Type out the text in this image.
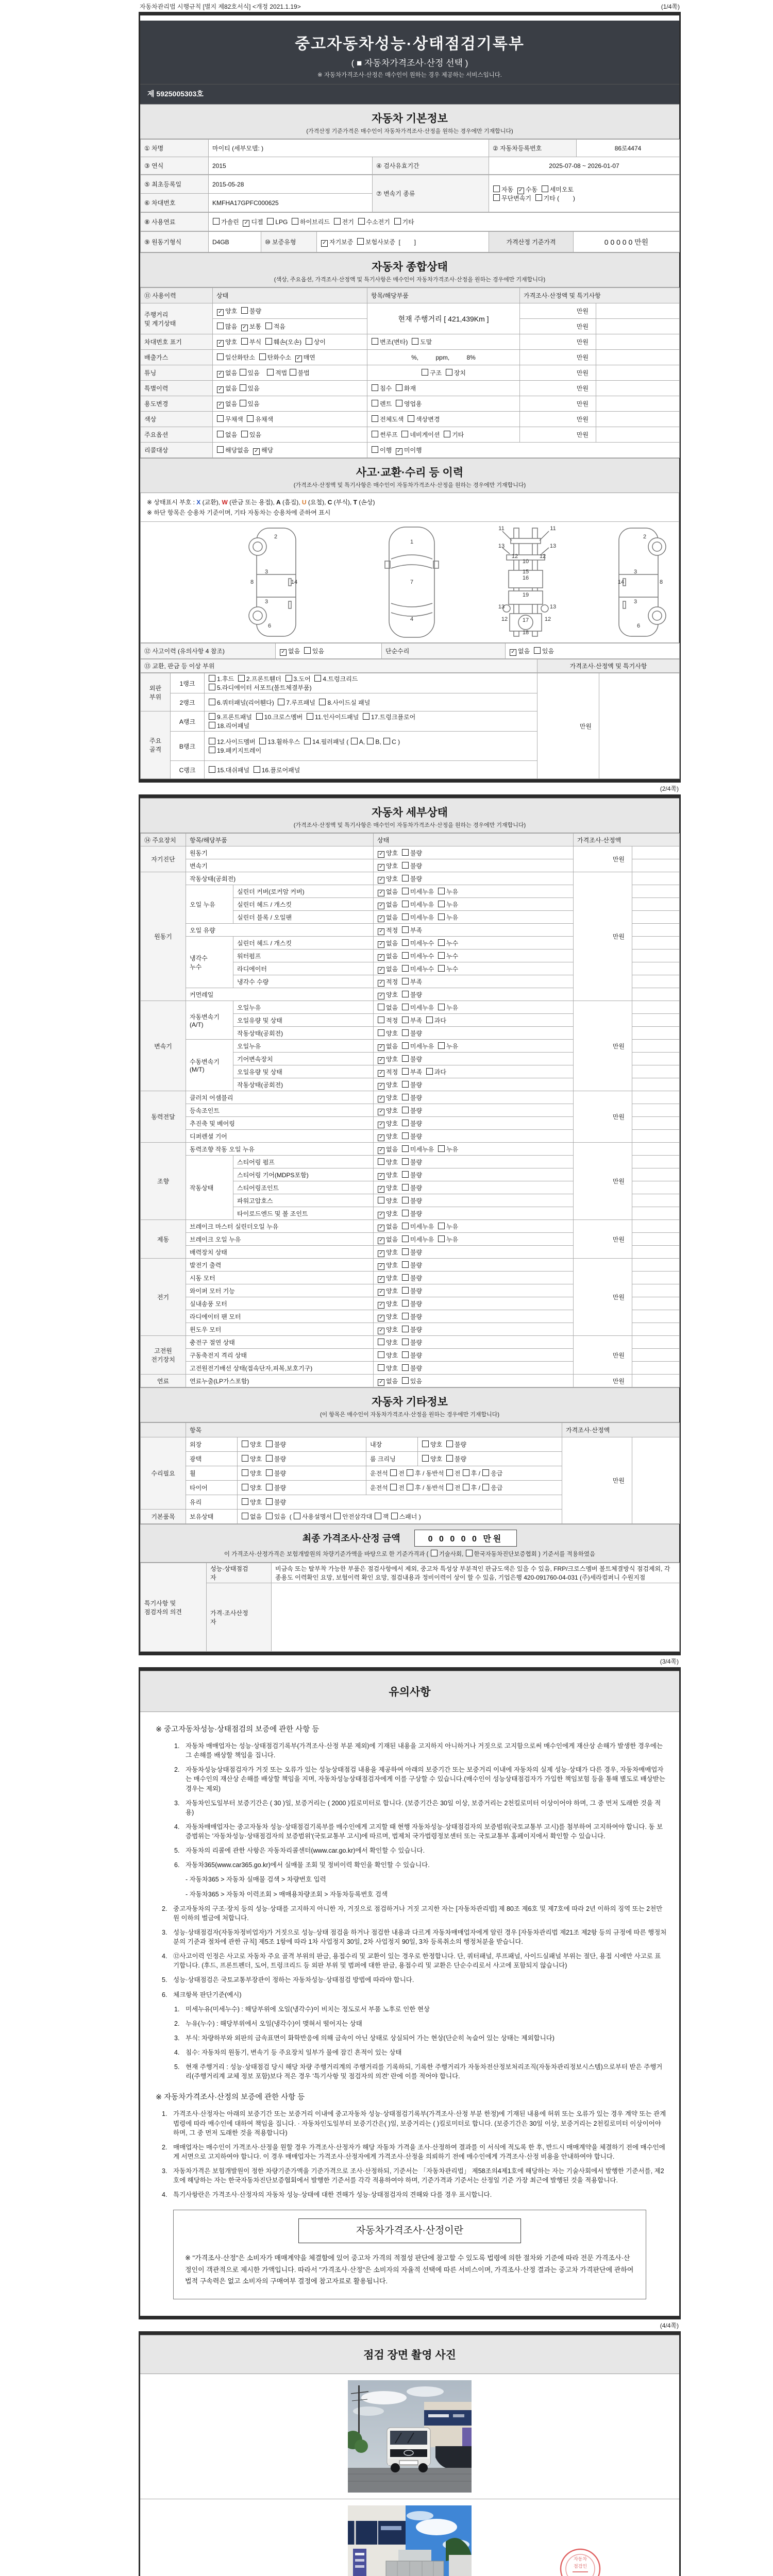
자동차관리법 시행규칙 [별지 제82호서식] <개정 2021.1.19>	(1/4쪽)
중고자동차성능·상태점검기록부
( ■ 자동차가격조사·산정 선택 )
※ 자동차가격조사·산정은 매수인이 원하는 경우 제공하는 서비스입니다.
제 5925005303호
자동차 기본정보

(가격산정 기준가격은 매수인이 자동차가격조사·산정을 원하는 경우에만 기재합니다)

① 차명	마이티 (세부모델: )		② 자동차등록번호	86로4474
③ 연식	2015	④ 검사유효기간	2025-07-08 ~ 2026-01-07	
⑤ 최초등록일	2015-05-28	⑦ 변속기 종류	자동  ✓ 수동  세미오토
무단변속기  기타 (        )
⑥ 차대번호	KMFHA17GPFC000625		
⑧ 사용연료	가솔린  ✓ 디젤  LPG  하이브리드  전기  수소전기  기타
⑨ 원동기형식	D4GB	⑩ 보증유형	✓ 자기보증  보험사보증  [        ]	가격산정 기준가격	0 0 0 0 0 만원
자동차 종합상태

(색상, 주요옵션, 가격조사·산정액 및 특기사항은 매수인이 자동차가격조사·산정을 원하는 경우에만 기재합니다)

⑪ 사용이력	상태	항목/해당부품	가격조사·산정액 및 특기사항	
주행거리
및 계기상태	✓ 양호  불량	현재 주행거리 [ 421,439Km ]	만원	
	많음  ✓ 보통  적음		만원	
차대번호 표기	✓ 양호  부식  훼손(오손)  상이	변조(변타)  도말	만원	
배출가스	일산화탄소  탄화수소  ✓ 매연	%,          ppm,          8%	만원	
튜닝	✓ 없음 있음    적법 불법	구조  장치	만원	
특별이력	✓ 없음 있음	침수  화재	만원	
용도변경	✓ 없음 있음	렌트  영업용	만원	
색상	무채색  유채색	전체도색  색상변경	만원	
주요옵션	없음  있음	썬루프  네비게이션  기타	만원	
리콜대상	해당없음  ✓ 해당	이행  ✓ 미이행		
사고·교환·수리 등 이력

(가격조사·산정액 및 특기사항은 매수인이 자동차가격조사·산정을 원하는 경우에만 기재합니다)

※ 상태표시 부호 : X (교환), W (판금 또는 용접), A (흠집), U (요철), C (부식), T (손상)
※ 하단 항목은 승용차 기준이며, 기타 자동차는 승용차에 준하여 표시
2
8
3
14
3
6
1
7
4
11	11
13	13
12	12
10
15
16
19
13	13
12	17	12
18
2
3
8
14
3
6
⑫ 사고이력 (유의사항 4 참조)	✓ 없음  있음	단순수리	✓ 없음  있음
⑬ 교환, 판금 등 이상 부위	가격조사·산정액 및 특기사항
외판
부위	1랭크	1.후드  2.프론트휀더  3.도어  4.트렁크리드
5.라디에이터 서포트(볼트체결부품)	만원	
	2랭크	6.쿼터패널(리어휀다)  7.루프패널  8.사이드실 패널		
주요
골격	A랭크	9.프론트패널  10.크로스멤버  11.인사이드패널  17.트렁크플로어
18.리어패널		
	B랭크	12.사이드멤버  13.휠하우스  14.필러패널 ( A, B, C )
19.패키지트레이		
	C랭크	15.대쉬패널  16.플로어패널		
(2/4쪽)
자동차 세부상태

(가격조사·산정액 및 특기사항은 매수인이 자동차가격조사·산정을 원하는 경우에만 기재합니다)

⑭ 주요장치	항목/해당부품		상태	가격조사·산정액	
자기진단	원동기		✓ 양호  불량	만원	
	변속기		✓ 양호  불량		
원동기	작동상태(공회전)		✓ 양호  불량	만원	
	오일 누유	실린더 커버(로커암 커버)	✓ 없음  미세누유  누유		
		실린더 헤드 / 개스킷	✓ 없음  미세누유  누유		
		실린더 블록 / 오일팬	✓ 없음  미세누유  누유		
	오일 유량		✓ 적정  부족		
	냉각수
누수	실린더 헤드 / 개스킷	✓ 없음  미세누수  누수		
		워터펌프	✓ 없음  미세누수  누수		
		라디에이터	✓ 없음  미세누수  누수		
		냉각수 수량	✓ 적정  부족		
	커먼레일		✓ 양호  불량		
변속기	자동변속기
(A/T)	오일누유	없음  미세누유  누유	만원	
		오일유량 및 상태	적정  부족  과다		
		작동상태(공회전)	양호  불량		
	수동변속기
(M/T)	오일누유	✓ 없음  미세누유  누유		
		기어변속장치	✓ 양호  불량		
		오일유량 및 상태	✓ 적정  부족  과다		
		작동상태(공회전)	✓ 양호  불량		
동력전달	클러치 어셈블리		✓ 양호  불량	만원	
	등속조인트		✓ 양호  불량		
	추진축 및 베어링		✓ 양호  불량		
	디퍼렌셜 기어		✓ 양호  불량		
조향	동력조향 작동 오일 누유		✓ 없음  미세누유  누유	만원	
	작동상태	스티어링 펌프	양호  불량		
		스티어링 기어(MDPS포함)	✓ 양호  불량		
		스티어링조인트	✓ 양호  불량		
		파워고압호스	양호  불량		
		타이로드엔드 및 볼 조인트	✓ 양호  불량		
제동	브레이크 마스터 실린더오일 누유		✓ 없음  미세누유  누유	만원	
	브레이크 오일 누유		✓ 없음  미세누유  누유		
	배력장치 상태		✓ 양호  불량		
전기	발전기 출력		✓ 양호  불량	만원	
	시동 모터		✓ 양호  불량		
	와이퍼 모터 기능		✓ 양호  불량		
	실내송풍 모터		✓ 양호  불량		
	라디에이터 팬 모터		✓ 양호  불량		
	윈도우 모터		✓ 양호  불량		
고전원
전기장치	충전구 절연 상태		양호  불량	만원	
	구동축전지 격리 상태		양호  불량		
	고전원전기배선 상태(접속단자,피복,보호기구)		양호  불량		
연료	연료누출(LP가스포함)		✓ 없음  있음	만원	
자동차 기타정보

(이 항목은 매수인이 자동차가격조사·산정을 원하는 경우에만 기재합니다)

	항목				가격조사·산정액	
수리필요	외장	양호  불량	내장	양호  불량	만원	
	광택	양호  불량	룸 크리닝	양호  불량		
	휠	양호  불량	운전석 전 후 / 동반석 전 후 / 응급			
	타이어	양호  불량	운전석 전 후 / 동반석 전 후 / 응급			
	유리	양호  불량				
기본품목	보유상태	없음  있음  ( 사용설명서 안전삼각대 잭 스패너 )				
최종 가격조사·산정 금액	0 0 0 0 0 만원

이 가격조사·산정가격은 보험개발원의 차량기준가액을 바탕으로 한 기준가격과 ( 기술사회, 한국자동차진단보증협회 ) 기준서를 적용하였음

특기사항 및
점검자의 의견	성능·상태점검
자	비금속 또는 탈부착 가능한 부품은 점검사항에서 제외, 중고차 특성상 부분적인 판금도색은 있을 수 있음, FRP/크로스멤버 볼트체결방식 점검제외, 각종용도 이력확인 요망, 보험이력 확인 요망, 점검내용과 정비이력이 상이 할 수 있음, 기업은행 420-091760-04-031 (주)세라컴퍼니 수원지점
	가격·조사산정
자	
(3/4쪽)
유의사항
※ 중고자동차성능·상태점검의 보증에 관한 사항 등
1. 자동차 매매업자는 성능·상태점검기록부(가격조사·산정 부분 제외)에 기재된 내용을 고지하지 아니하거나 거짓으로 고지함으로써 매수인에게 재산상 손해가 발생한 경우에는 그 손해를 배상할 책임을 집니다.
2. 자동차성능상태점검자가 거짓 또는 오류가 있는 성능상태점검 내용을 제공하여 아래의 보증기간 또는 보증거리 이내에 자동차의 실제 성능·상태가 다른 경우, 자동차매매업자는 매수인의 재산상 손해를 배상할 책임을 지며, 자동차성능상태점검자에게 이를 구상할 수 있습니다.(매수인이 성능상태점검자가 가입한 책임보험 등을 통해 별도로 배상받는 경우는 제외)
3. 자동차인도일부터 보증기간은 ( 30 )일, 보증거리는 ( 2000 )킬로미터로 합니다. (보증기간은 30일 이상, 보증거리는 2천킬로미터 이상이어야 하며, 그 중 먼저 도래한 것을 적용)
4. 자동차매매업자는 중고자동차 성능·상태점검기록부를 매수인에게 고지할 때 현행 자동차성능·상태점검자의 보증범위(국토교통부 고시)를 첨부하여 고지하여야 합니다. 동 보증범위는 '자동차성능·상태점검자의 보증범위'(국토교통부 고시)에 따르며, 법제처 국가법령정보센터 또는 국토교통부 홈페이지에서 확인할 수 있습니다.
5. 자동차의 리콜에 관한 사항은 자동차리콜센터(www.car.go.kr)에서 확인할 수 있습니다.
6. 자동차365(www.car365.go.kr)에서 실매물 조회 및 정비이력 확인을 확인할 수 있습니다.
- 자동차365 > 자동차 실매물 검색 > 차량번호 입력
- 자동차365 > 자동차 이력조회 > 매매용차량조회 > 자동차등록번호 검색
2. 중고자동차의 구조·장치 등의 성능·상태를 고지하지 아니한 자, 거짓으로 점검하거나 거짓 고지한 자는 [자동차관리법] 제 80조 제6호 및 제7호에 따라 2년 이하의 징역 또는 2천만원 이하의 벌금에 처합니다.
3. 성능·상태점검자(자동차정비업자)가 거짓으로 성능·상태 점검을 하거나 점검한 내용과 다르게 자동차매매업자에게 알린 경우 [자동차관리법 제21조 제2항 등의 규정에 따른 행정처분의 기준과 절차에 관한 규칙] 제5조 1항에 따라 1차 사업정지 30일, 2차 사업정지 90일, 3차 등록취소의 행정처분을 받습니다.
4. ⑫사고이력 인정은 사고로 자동차 주요 골격 부위의 판금, 용접수리 및 교환이 있는 경우로 한정합니다. 단, 쿼터패널, 루프패널, 사이드실패널 부위는 절단, 용접 시에만 사고로 표기합니다. (후드, 프론트펜더, 도어, 트렁크리드 등 외판 부위 및 범퍼에 대한 판금, 용접수리 및 교환은 단순수리로서 사고에 포함되지 않습니다)
5. 성능·상태점검은 국토교통부장관이 정하는 자동차성능·상태점검 방법에 따라야 합니다.
6. 체크항목 판단기준(예시)
1. 미세누유(미세누수) : 해당부위에 오일(냉각수)이 비치는 정도로서 부품 노후로 인한 현상
2. 누유(누수) : 해당부위에서 오일(냉각수)이 맺혀서 떨어지는 상태
3. 부식: 차량하부와 외판의 금속표면이 화학반응에 의해 금속이 아닌 상태로 상실되어 가는 현상(단순히 녹슬어 있는 상태는 제외합니다)
4. 침수: 자동차의 원동기, 변속기 등 주요장치 일부가 물에 잠긴 흔적이 있는 상태
5. 현재 주행거리 : 성능·상태점검 당시 해당 차량 주행거리계의 주행거리를 기록하되, 기록한 주행거리가 자동차전산정보처리조직(자동차관리정보시스템)으로부터 받은 주행거리(주행거리계 교체 정보 포함)보다 적은 경우 '특기사항 및 점검자의 의견' 란에 이를 적어야 합니다.
※ 자동차가격조사·산정의 보증에 관한 사항 등
1. 가격조사·산정자는 아래의 보증기간 또는 보증거리 이내에 중고자동차 성능·상태점검기록부(가격조사·산정 부분 한정)에 기재된 내용에 허위 또는 오류가 있는 경우 계약 또는 관계법령에 따라 매수인에 대하여 책임을 집니다. · 자동차인도일부터 보증기간은( )일, 보증거리는 ( )킬로미터로 합니다. (보증기간은 30일 이상, 보증거리는 2천킬로미터 이상이어야 하며, 그 중 먼저 도래한 것을 적용합니다)
2. 매매업자는 매수인이 가격조사·산정을 원할 경우 가격조사·산정자가 해당 자동차 가격을 조사·산정하여 결과를 이 서식에 적도록 한 후, 반드시 매매계약을 체결하기 전에 매수인에게 서면으로 고지하여야 합니다. 이 경우 매매업자는 가격조사·산정자에게 가격조사·산정을 의뢰하기 전에 매수인에게 가격조사·산정 비용을 안내하여야 합니다.
3. 자동차가격은 보험개발원이 정한 차량기준가액을 기준가격으로 조사·산정하되, 기준서는 「자동차관리법」 제58조의4제1호에 해당하는 자는 기술사회에서 발행한 기준서를, 제2호에 해당하는 자는 한국자동차진단보증협회에서 발행한 기준서를 각각 적용하여야 하며, 기준가격과 기준서는 산정일 기준 가장 최근에 발행된 것을 적용합니다.
4. 특기사항란은 가격조사·산정자의 자동차 성능·상태에 대한 견해가 성능·상태점검자의 견해와 다를 경우 표시합니다.
자동차가격조사·산정이란
※ "가격조사·산정"은 소비자가 매매계약을 체결함에 있어 중고차 가격의 적절성 판단에 참고할 수 있도록 법령에 의한 절차와 기준에 따라 전문 가격조사·산정인이 객관적으로 제시한 가액입니다. 따라서 "가격조사·산정"은 소비자의 자율적 선택에 따른 서비스이며, 가격조사·산정 결과는 중고차 가격판단에 관하여 법적 구속력은 없고 소비자의 구매여부 결정에 참고자료로 활용됩니다.
(4/4쪽)
점검 장면 촬영 사진
자동차
점검인
